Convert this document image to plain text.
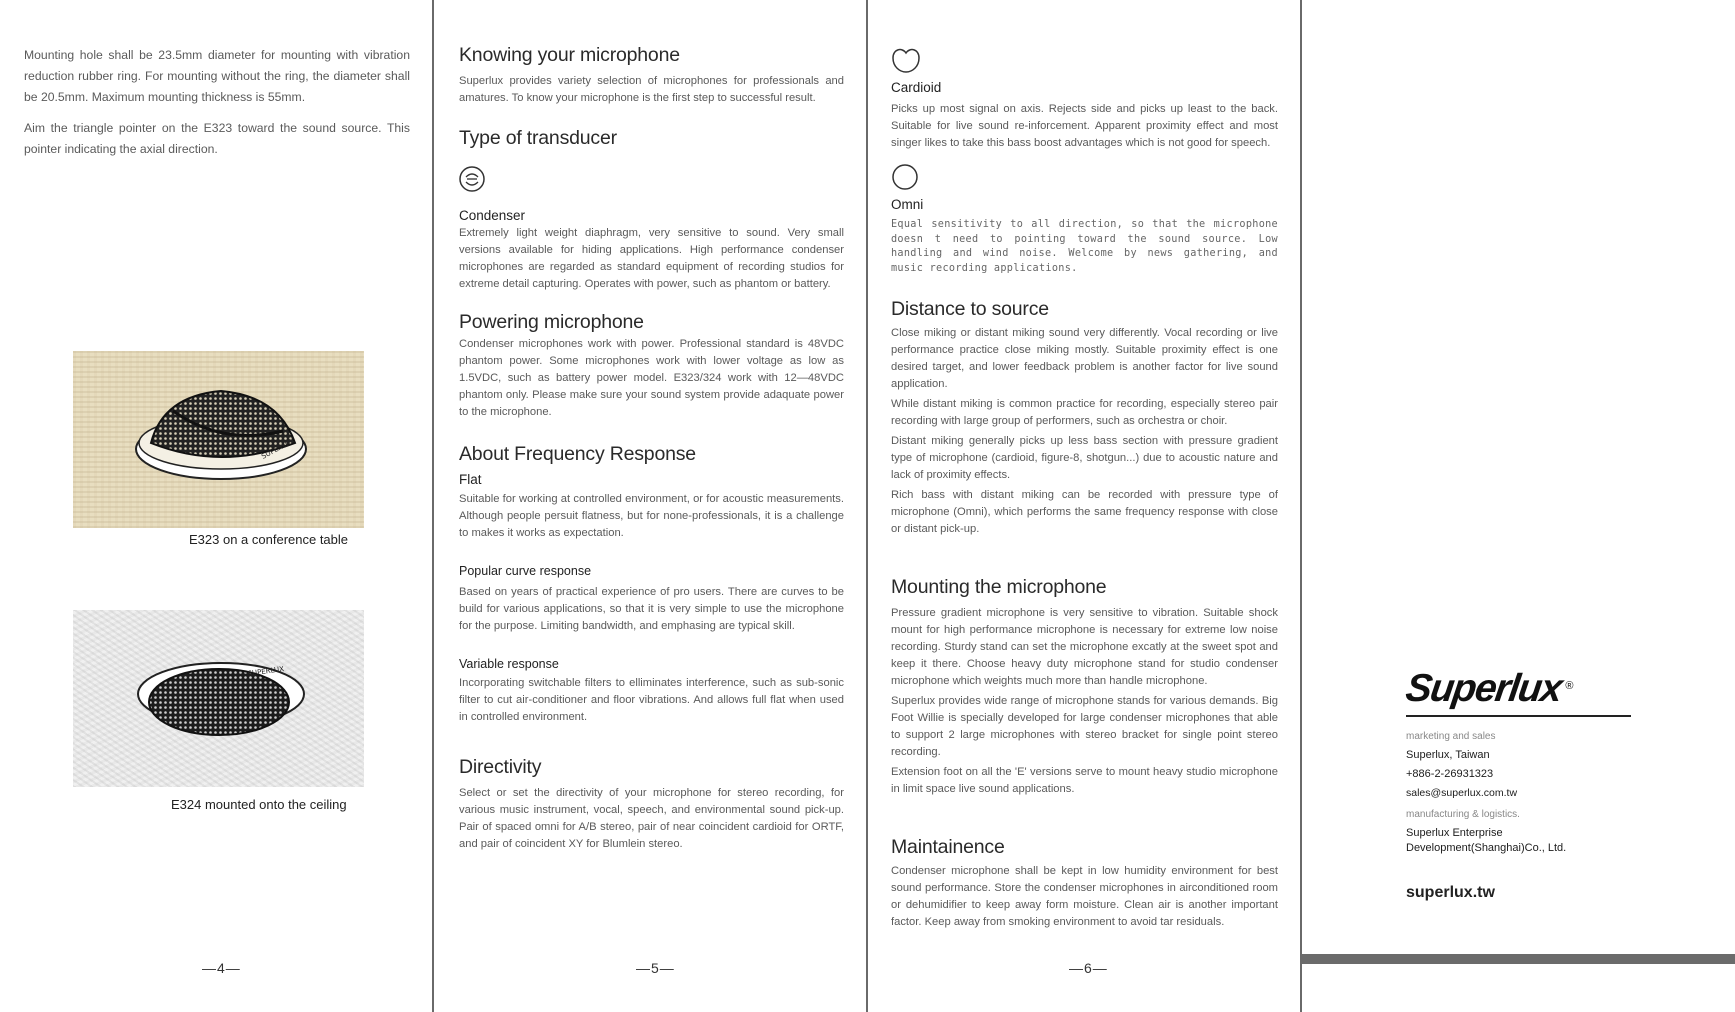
Mounting hole shall be 23.5mm diameter for mounting with vibration reduction rubber ring. For mounting without the ring, the diameter shall be 20.5mm. Maximum mounting thickness is 55mm.

Aim the triangle pointer on the E323 toward the sound source. This pointer indicating the axial direction.

SUPERLUX
E323 on a conference table
SUPERLUX
E324 mounted onto the ceiling
—4—
Knowing your microphone

Superlux provides variety selection of microphones for professionals and amatures. To know your microphone is the first step to successful result.

Type of transducer
Condenser

Extremely light weight diaphragm, very sensitive to sound. Very small versions available for hiding applications. High performance condenser microphones are regarded as standard equipment of recording studios for extreme detail capturing. Operates with power, such as phantom or battery.

Powering microphone

Condenser microphones work with power. Professional standard is 48VDC phantom power. Some microphones work with lower voltage as low as 1.5VDC, such as battery power model. E323/324 work with 12—48VDC phantom only. Please make sure your sound system provide adaquate power to the microphone.

About Frequency Response
Flat

Suitable for working at controlled environment, or for acoustic measurements. Although people persuit flatness, but for none-professionals, it is a challenge to makes it works as expectation.

Popular curve response

Based on years of practical experience of pro users. There are curves to be build for various applications, so that it is very simple to use the microphone for the purpose. Limiting bandwidth, and emphasing are typical skill.

Variable response

Incorporating switchable filters to elliminates interference, such as sub-sonic filter to cut air-conditioner and floor vibrations. And allows full flat when used in controlled environment.

Directivity

Select or set the directivity of your microphone for stereo recording, for various music instrument, vocal, speech, and environmental sound pick-up. Pair of spaced omni for A/B stereo, pair of near coincident cardioid for ORTF, and pair of coincident XY for Blumlein stereo.

—5—
Cardioid

Picks up most signal on axis. Rejects side and picks up least to the back. Suitable for live sound re-inforcement. Apparent proximity effect and most singer likes to take this bass boost advantages which is not good for speech.

Omni

Equal sensitivity to all direction, so that the microphone doesn t need to pointing toward the sound source. Low handling and wind noise. Welcome by news gathering, and music recording applications.

Distance to source

Close miking or distant miking sound very differently. Vocal recording or live performance practice close miking mostly. Suitable proximity effect is one desired target, and lower feedback problem is another factor for live sound application.

While distant miking is common practice for recording, especially stereo pair recording with large group of performers, such as orchestra or choir.

Distant miking generally picks up less bass section with pressure gradient type of microphone (cardioid, figure-8, shotgun...) due to acoustic nature and lack of proximity effects.

Rich bass with distant miking can be recorded with pressure type of microphone (Omni), which performs the same frequency response with close or distant pick-up.

Mounting the microphone

Pressure gradient microphone is very sensitive to vibration. Suitable shock mount for high performance microphone is necessary for extreme low noise recording. Sturdy stand can set the microphone excatly at the sweet spot and keep it there. Choose heavy duty microphone stand for studio condenser microphone which weights much more than handle microphone.

Superlux provides wide range of microphone stands for various demands. Big Foot Willie is specially developed for large condenser microphones that able to support 2 large microphones with stereo bracket for single point stereo recording.

Extension foot on all the 'E' versions serve to mount heavy studio microphone in limit space live sound applications.

Maintainence

Condenser microphone shall be kept in low humidity environment for best sound performance. Store the condenser microphones in airconditioned room or dehumidifier to keep away form moisture. Clean air is another important factor. Keep away from smoking environment to avoid tar residuals.

—6—
Superlux ®
marketing and sales
Superlux, Taiwan
+886-2-26931323
sales@superlux.com.tw
manufacturing & logistics.
Superlux Enterprise
Development(Shanghai)Co., Ltd.
superlux.tw
